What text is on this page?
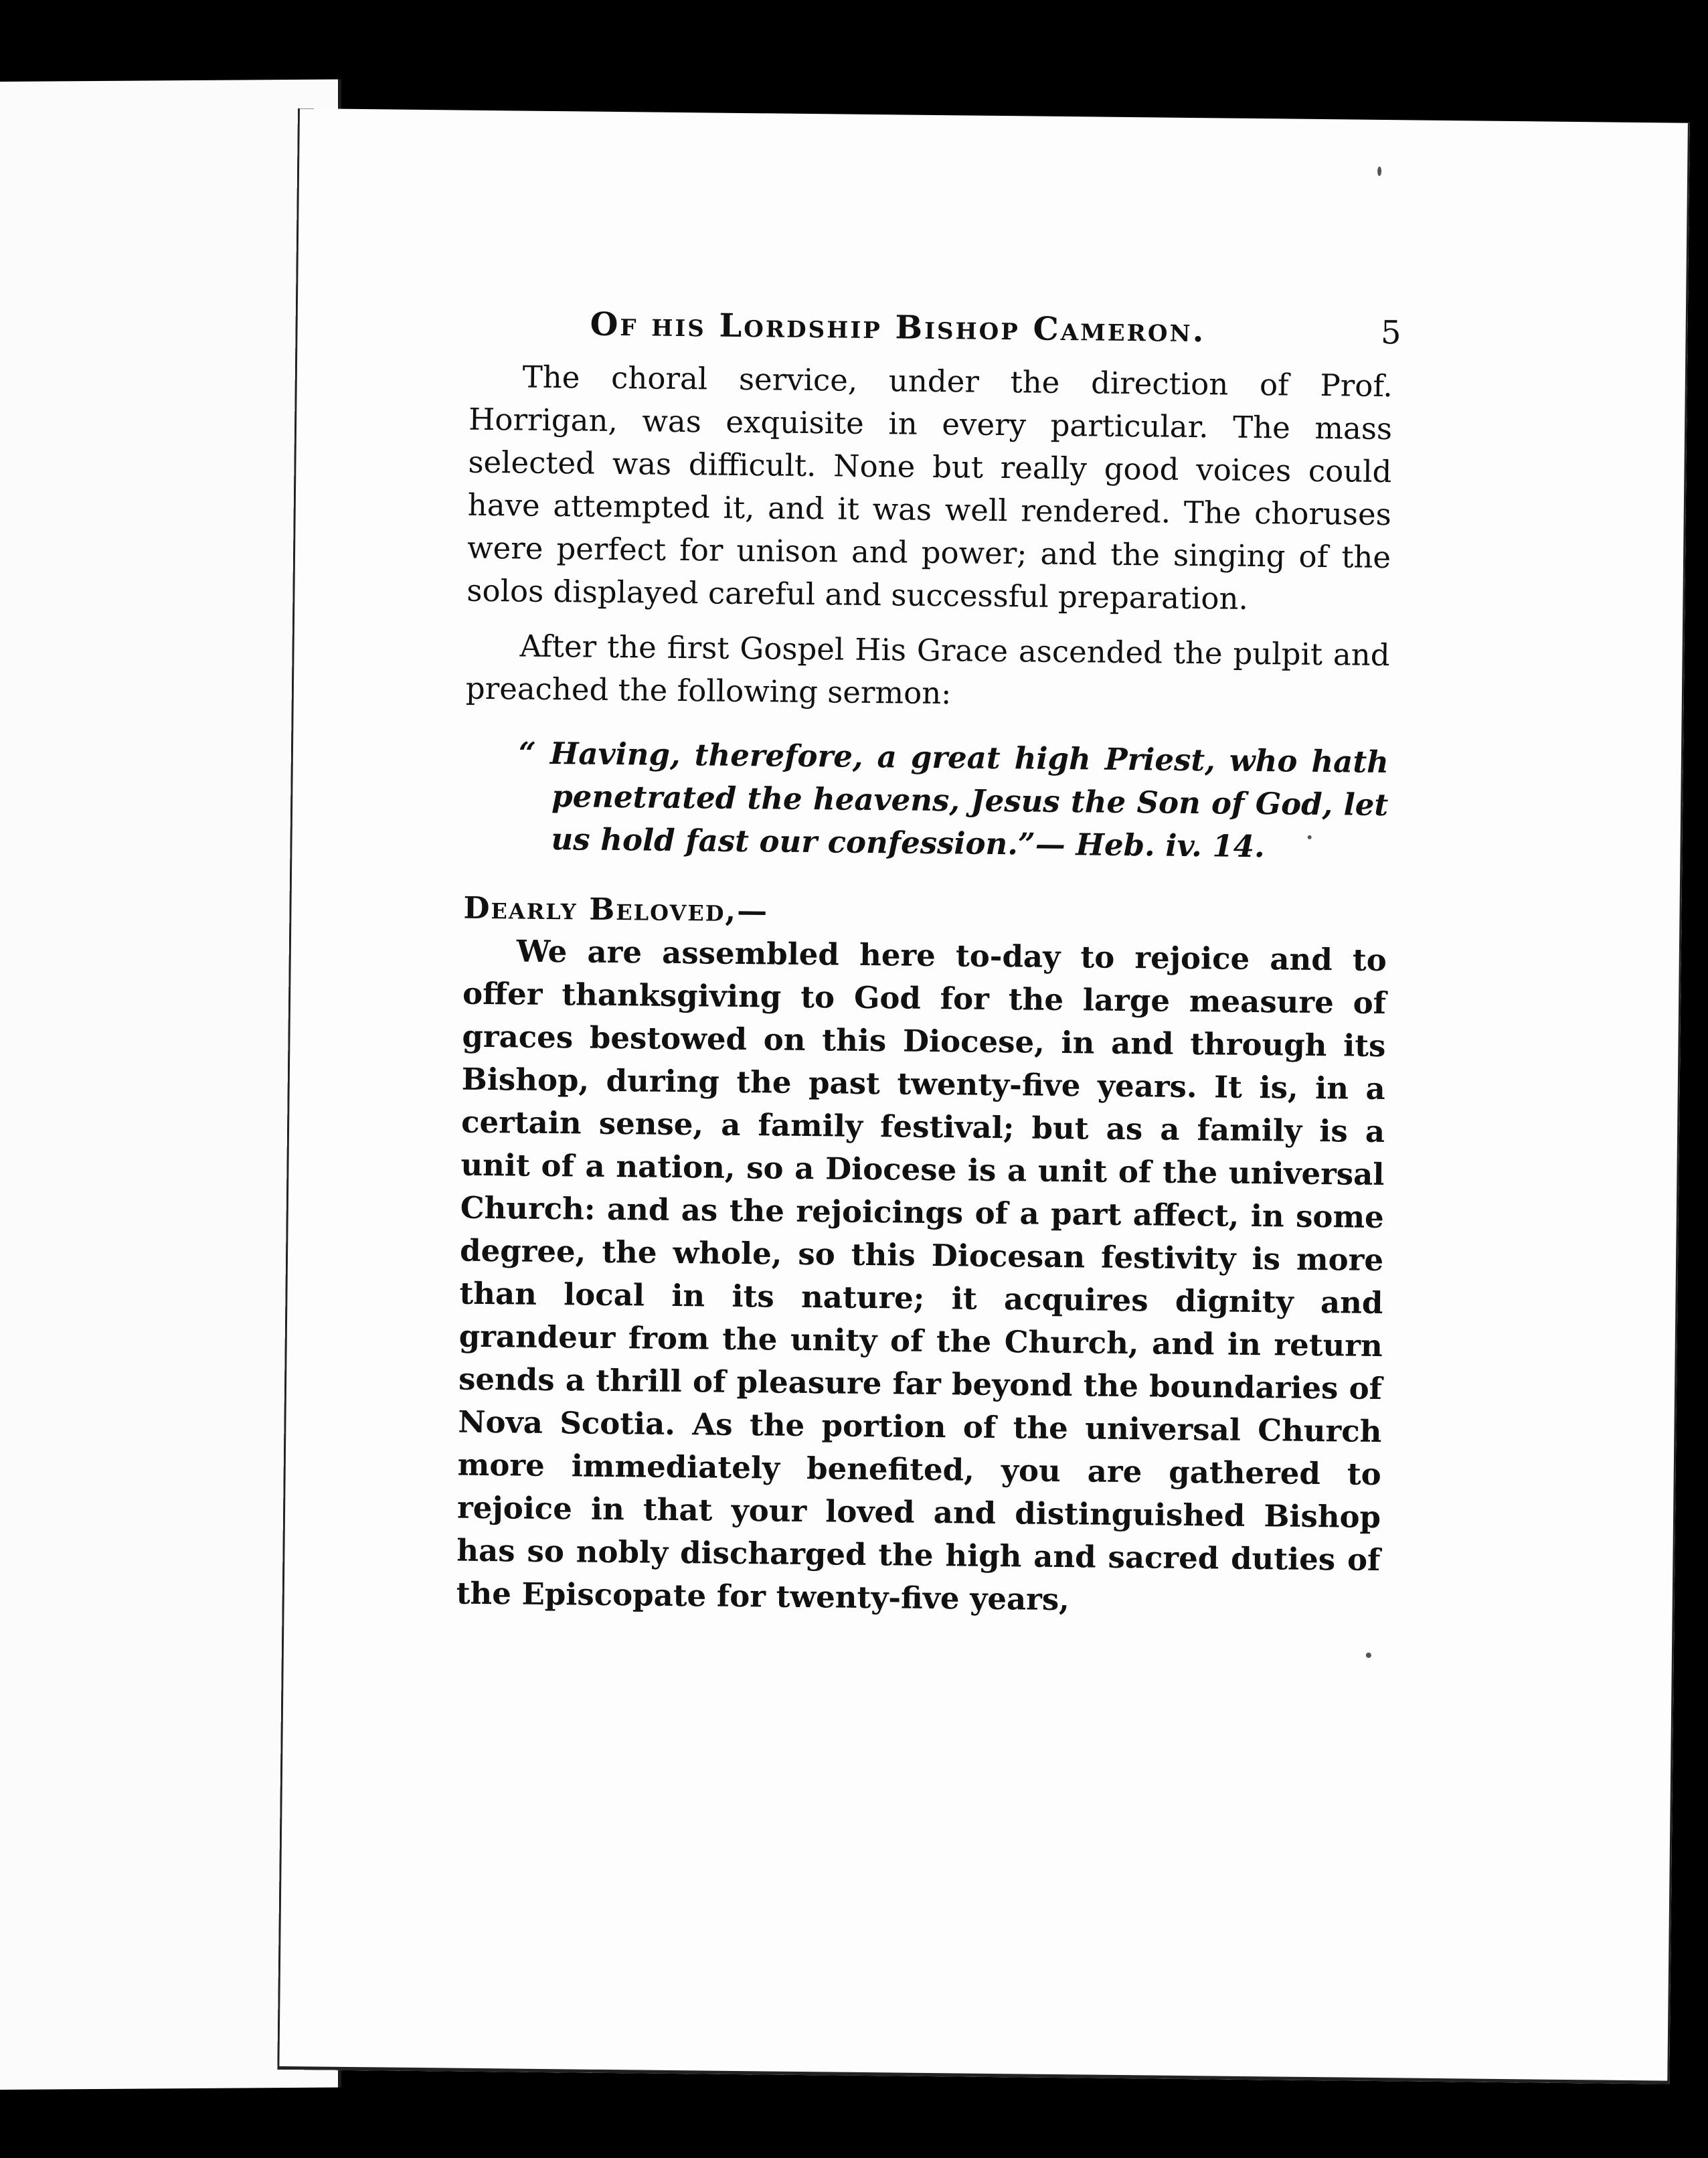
Of his Lordship Bishop Cameron.	5

The choral service, under the direction of Prof. Horrigan, was exquisite in every particular. The mass selected was difficult. None but really good voices could have attempted it, and it was well rendered. The choruses were perfect for unison and power; and the singing of the solos displayed careful and successful preparation.

After the first Gospel His Grace ascended the pulpit and preached the following sermon:

“ Having, therefore, a great high Priest, who hath penetrated the heavens, Jesus the Son of God, let us hold fast our confession.”— Heb. iv. 14.
Dearly Beloved,—

We are assembled here to-day to rejoice and to offer thanksgiving to God for the large measure of graces bestowed on this Diocese, in and through its Bishop, during the past twenty-five years. It is, in a certain sense, a family festival; but as a family is a unit of a nation, so a Diocese is a unit of the universal Church: and as the rejoicings of a part affect, in some degree, the whole, so this Diocesan festivity is more than local in its nature; it acquires dignity and grandeur from the unity of the Church, and in return sends a thrill of pleasure far beyond the boundaries of Nova Scotia. As the portion of the universal Church more immediately benefited, you are gathered to rejoice in that your loved and distinguished Bishop has so nobly discharged the high and sacred duties of the Episcopate for twenty-five years,
